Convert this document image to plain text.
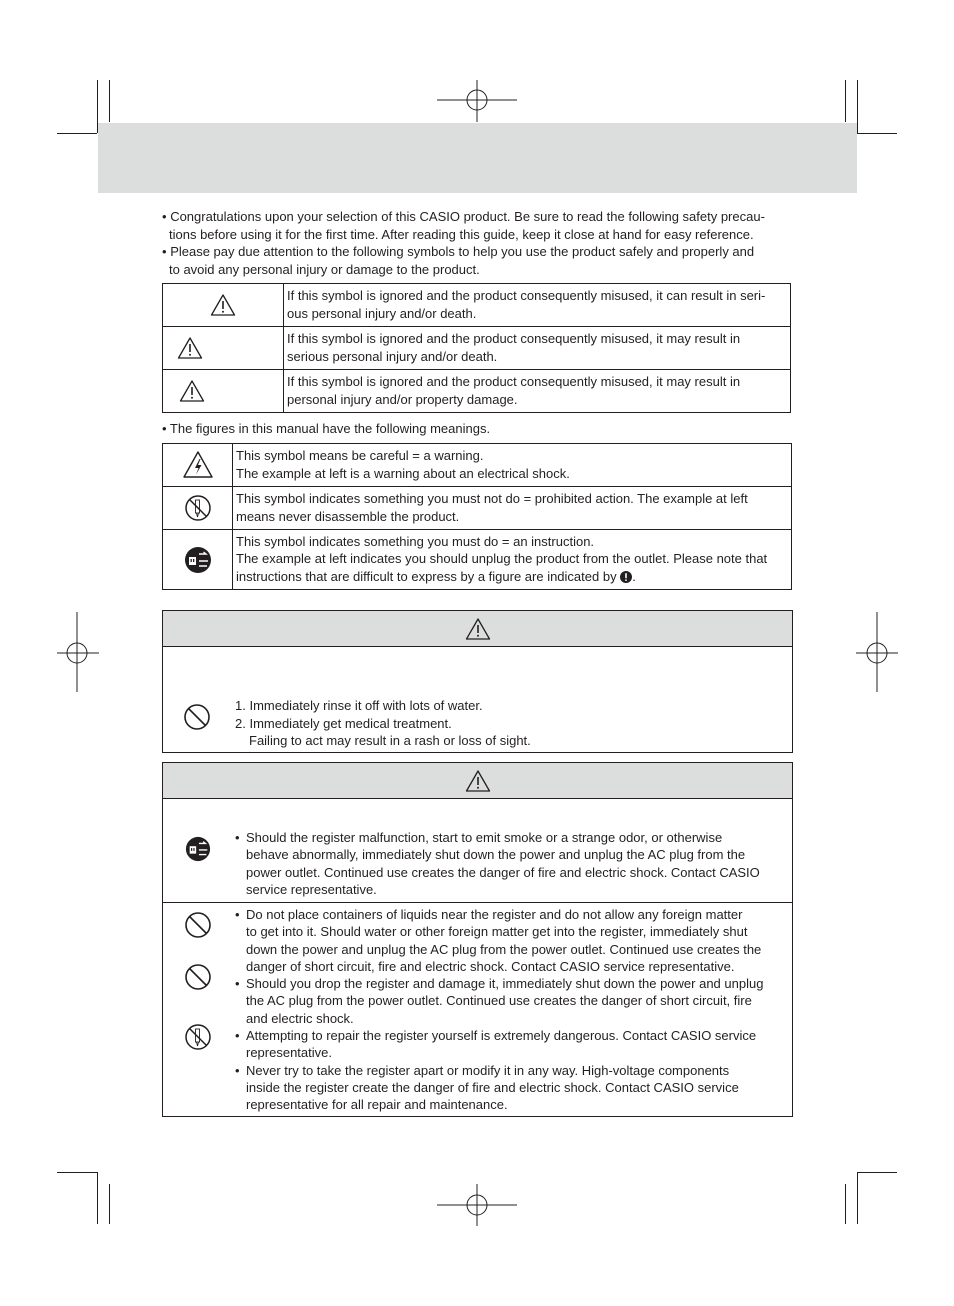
• Congratulations upon your selection of this CASIO product. Be sure to read the following safety precau-
tions before using it for the first time. After reading this guide, keep it close at hand for easy reference.

• Please pay due attention to the following symbols to help you use the product safely and properly and
to avoid any personal injury or damage to the product.

	If this symbol is ignored and the product consequently misused, it can result in seri-
ous personal injury and/or death.

	If this symbol is ignored and the product consequently misused, it may result in
serious personal injury and/or death.

	If this symbol is ignored and the product consequently misused, it may result in
personal injury and/or property damage.
• The figures in this manual have the following meanings.
	This symbol means be careful = a warning.
The example at left is a warning about an electrical shock.

	This symbol indicates something you must not do = prohibited action. The example at left
means never disassemble the product.

	This symbol indicates something you must do = an instruction.
The example at left indicates you should unplug the product from the outlet. Please note that
instructions that are difficult to express by a figure are indicated by .
1. Immediately rinse it off with lots of water.
2. Immediately get medical treatment.
Failing to act may result in a rash or loss of sight.
• Should the register malfunction, start to emit smoke or a strange odor, or otherwise
behave abnormally, immediately shut down the power and unplug the AC plug from the
power outlet. Continued use creates the danger of fire and electric shock. Contact CASIO
service representative.
• Do not place containers of liquids near the register and do not allow any foreign matter
to get into it. Should water or other foreign matter get into the register, immediately shut
down the power and unplug the AC plug from the power outlet. Continued use creates the
danger of short circuit, fire and electric shock. Contact CASIO service representative.
• Should you drop the register and damage it, immediately shut down the power and unplug
the AC plug from the power outlet. Continued use creates the danger of short circuit, fire
and electric shock.
• Attempting to repair the register yourself is extremely dangerous. Contact CASIO service
representative.
• Never try to take the register apart or modify it in any way. High-voltage components
inside the register create the danger of fire and electric shock. Contact CASIO service
representative for all repair and maintenance.
